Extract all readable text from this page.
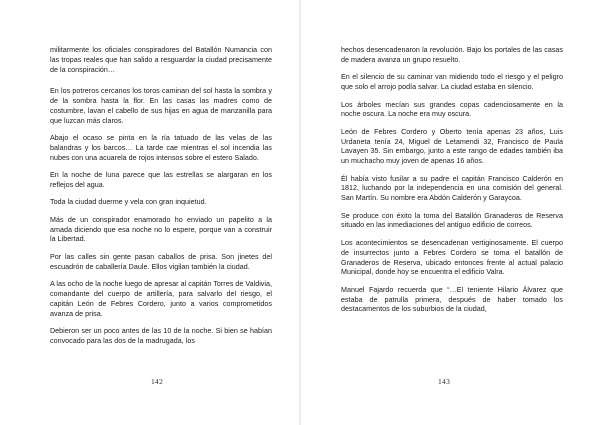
militarmente los oficiales conspiradores del Batallón Numancia con las tropas reales que han salido a resguardar la ciudad precisamente de la conspiración…

En los potreros cercanos los toros caminan del sol hasta la sombra y de la sombra hasta la flor. En las casas las madres como de costumbre, lavan el cabello de sus hijas en agua de manzanilla para que luzcan más claros.

Abajo el ocaso se pinta en la ría tatuado de las velas de las balandras y los barcos… La tarde cae mientras el sol incendia las nubes con una acuarela de rojos intensos sobre el estero Salado.

En la noche de luna parece que las estrellas se alargaran en los reflejos del agua.

Toda la ciudad duerme y vela con gran inquietud.

Más de un conspirador enamorado ho enviado un papelito a la amada diciendo que esa noche no lo espere, porque van a construir la Libertad.

Por las calles sin gente pasan caballos de prisa. Son jinetes del escuadrón de caballería Daule. Ellos vigilan también la ciudad.

A las ocho de la noche luego de apresar al capitán Torres de Valdivia, comandante del cuerpo de artillería, para salvarlo del riesgo, el capitán León de Febres Cordero, junto a varios comprometidos avanza de prisa.

Debieron ser un poco antes de las 10 de la noche. Si bien se habían convocado para las dos de la madrugada, los

142

hechos desencadenaron la revolución. Bajo los portales de las casas de madera avanza un grupo resuelto.

En el silencio de su caminar van midiendo todo el riesgo y el peligro que solo el arrojo podía salvar. La ciudad estaba en silencio.

Los árboles mecían sus grandes copas cadenciosamente en la noche oscura. La noche era muy oscura.

León de Febres Cordero y Oberto tenía apenas 23 años, Luis Urdaneta tenía 24, Miguel de Letamendi 32, Francisco de Paula Lavayen 35. Sin embargo, junto a este rango de edades también iba un muchacho muy joven de apenas 16 años.

Él había visto fusilar a su padre el capitán Francisco Calderón en 1812, luchando por la independencia en una comisión del general. San Martín. Su nombre era Abdón Calderón y Garaycoa.

Se produce con éxito la toma del Batallón Granaderos de Reserva situado en las inmediaciones del antiguo edificio de correos.

Los acontecimientos se desencadenan vertiginosamente. El cuerpo de insurrectos junto a Febres Cordero se toma el batallón de Granaderos de Reserva, ubicado entonces frente al actual palacio Municipal, donde hoy se encuentra el edificio Valra.

Manuel Fajardo recuerda que “…El teniente Hilario Álvarez que estaba de patrulla primera, después de haber tomado los destacamentos de los suburbios de la ciudad,

143
